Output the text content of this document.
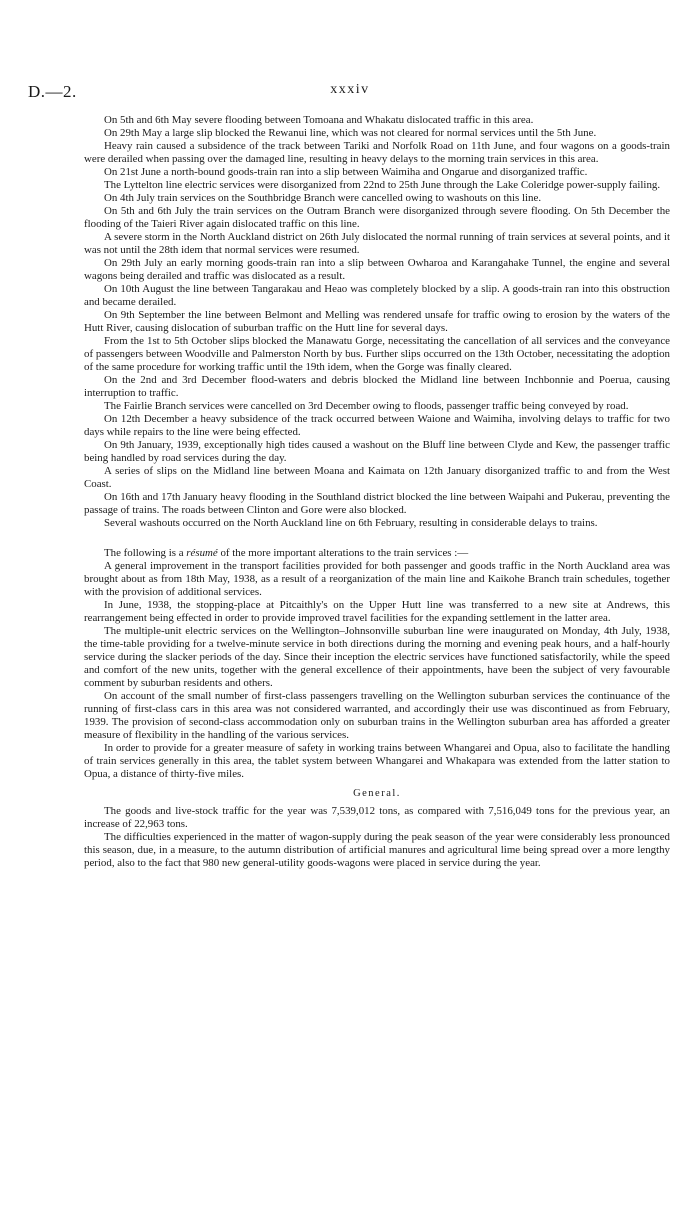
D.—2.	xxxiv

On 5th and 6th May severe flooding between Tomoana and Whakatu dislocated traffic in this area.

On 29th May a large slip blocked the Rewanui line, which was not cleared for normal services until the 5th June.

Heavy rain caused a subsidence of the track between Tariki and Norfolk Road on 11th June, and four wagons on a goods-train were derailed when passing over the damaged line, resulting in heavy delays to the morning train services in this area.

On 21st June a north-bound goods-train ran into a slip between Waimiha and Ongarue and disorganized traffic.

The Lyttelton line electric services were disorganized from 22nd to 25th June through the Lake Coleridge power-supply failing.

On 4th July train services on the Southbridge Branch were cancelled owing to washouts on this line.

On 5th and 6th July the train services on the Outram Branch were disorganized through severe flooding. On 5th December the flooding of the Taieri River again dislocated traffic on this line.

A severe storm in the North Auckland district on 26th July dislocated the normal running of train services at several points, and it was not until the 28th idem that normal services were resumed.

On 29th July an early morning goods-train ran into a slip between Owharoa and Karangahake Tunnel, the engine and several wagons being derailed and traffic was dislocated as a result.

On 10th August the line between Tangarakau and Heao was completely blocked by a slip. A goods-train ran into this obstruction and became derailed.

On 9th September the line between Belmont and Melling was rendered unsafe for traffic owing to erosion by the waters of the Hutt River, causing dislocation of suburban traffic on the Hutt line for several days.

From the 1st to 5th October slips blocked the Manawatu Gorge, necessitating the cancellation of all services and the conveyance of passengers between Woodville and Palmerston North by bus. Further slips occurred on the 13th October, necessitating the adoption of the same procedure for working traffic until the 19th idem, when the Gorge was finally cleared.

On the 2nd and 3rd December flood-waters and debris blocked the Midland line between Inchbonnie and Poerua, causing interruption to traffic.

The Fairlie Branch services were cancelled on 3rd December owing to floods, passenger traffic being conveyed by road.

On 12th December a heavy subsidence of the track occurred between Waione and Waimiha, involving delays to traffic for two days while repairs to the line were being effected.

On 9th January, 1939, exceptionally high tides caused a washout on the Bluff line between Clyde and Kew, the passenger traffic being handled by road services during the day.

A series of slips on the Midland line between Moana and Kaimata on 12th January disorganized traffic to and from the West Coast.

On 16th and 17th January heavy flooding in the Southland district blocked the line between Waipahi and Pukerau, preventing the passage of trains. The roads between Clinton and Gore were also blocked.

Several washouts occurred on the North Auckland line on 6th February, resulting in considerable delays to trains.

The following is a résumé of the more important alterations to the train services :—

A general improvement in the transport facilities provided for both passenger and goods traffic in the North Auckland area was brought about as from 18th May, 1938, as a result of a reorganization of the main line and Kaikohe Branch train schedules, together with the provision of additional services.

In June, 1938, the stopping-place at Pitcaithly's on the Upper Hutt line was transferred to a new site at Andrews, this rearrangement being effected in order to provide improved travel facilities for the expanding settlement in the latter area.

The multiple-unit electric services on the Wellington–Johnsonville suburban line were inaugurated on Monday, 4th July, 1938, the time-table providing for a twelve-minute service in both directions during the morning and evening peak hours, and a half-hourly service during the slacker periods of the day. Since their inception the electric services have functioned satisfactorily, while the speed and comfort of the new units, together with the general excellence of their appointments, have been the subject of very favourable comment by suburban residents and others.

On account of the small number of first-class passengers travelling on the Wellington suburban services the continuance of the running of first-class cars in this area was not considered warranted, and accordingly their use was discontinued as from February, 1939. The provision of second-class accommodation only on suburban trains in the Wellington suburban area has afforded a greater measure of flexibility in the handling of the various services.

In order to provide for a greater measure of safety in working trains between Whangarei and Opua, also to facilitate the handling of train services generally in this area, the tablet system between Whangarei and Whakapara was extended from the latter station to Opua, a distance of thirty-five miles.

General.

The goods and live-stock traffic for the year was 7,539,012 tons, as compared with 7,516,049 tons for the previous year, an increase of 22,963 tons.

The difficulties experienced in the matter of wagon-supply during the peak season of the year were considerably less pronounced this season, due, in a measure, to the autumn distribution of artificial manures and agricultural lime being spread over a more lengthy period, also to the fact that 980 new general-utility goods-wagons were placed in service during the year.
